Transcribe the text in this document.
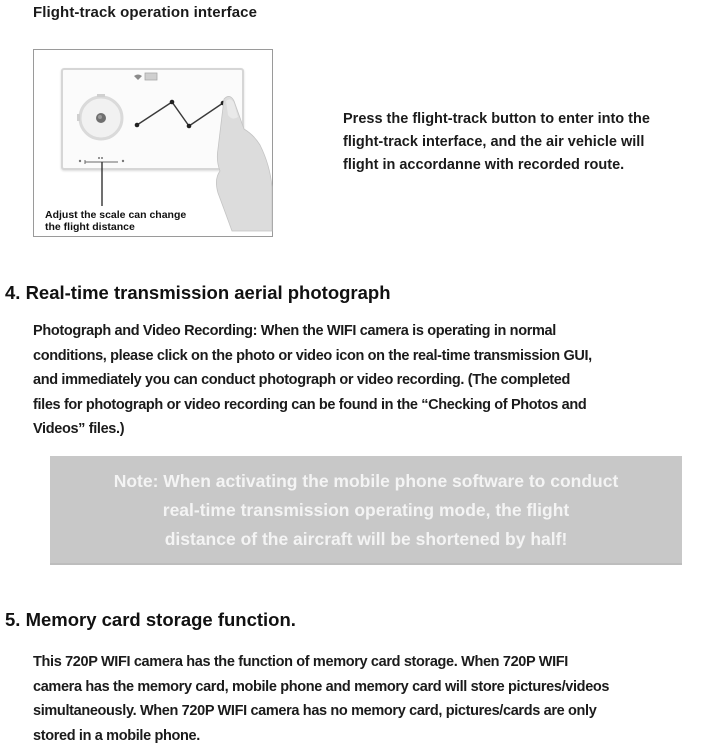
Flight-track operation interface
Adjust the scale can change
the flight distance
Press the flight-track button to enter into the
flight-track interface, and the air vehicle will
flight in accordanne with recorded route.
4. Real-time transmission aerial photograph
Photograph and Video Recording: When the WIFI camera is operating in normal
conditions, please click on the photo or video icon on the real-time transmission GUI,
and immediately you can conduct photograph or video recording. (The completed
files for photograph or video recording can be found in the “Checking of Photos and
Videos” files.)
Note: When activating the mobile phone software to conduct
real-time transmission operating mode, the flight
distance of the aircraft will be shortened by half!
5. Memory card storage function.
This 720P WIFI camera has the function of memory card storage. When 720P WIFI
camera has the memory card, mobile phone and memory card will store pictures/videos
simultaneously. When 720P WIFI camera has no memory card, pictures/cards are only
stored in a mobile phone.
